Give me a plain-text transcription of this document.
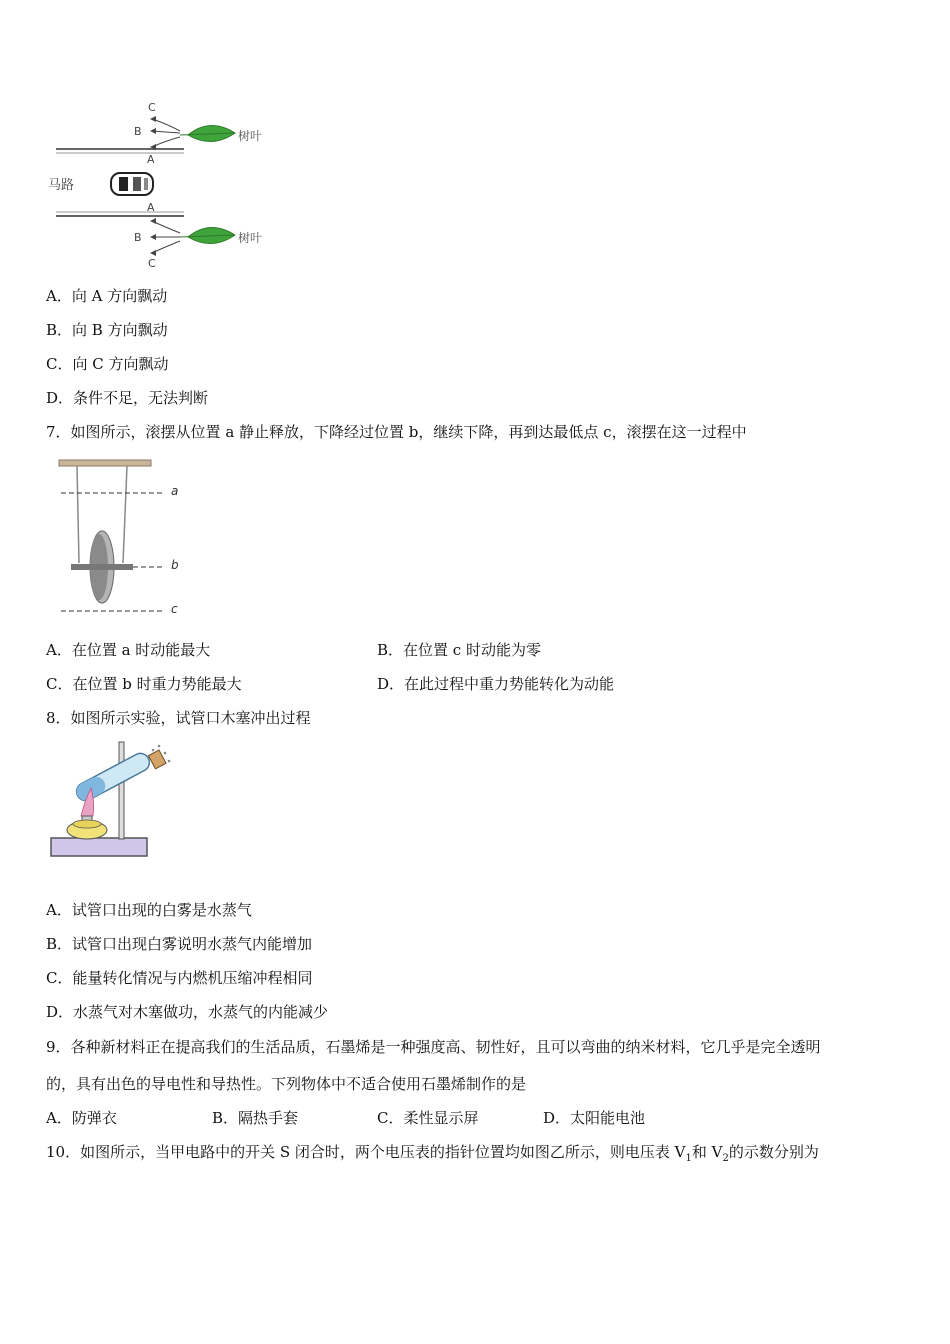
马路
树叶
C
B
A
树叶
A
B
C
A．向 A 方向飘动
B．向 B 方向飘动
C．向 C 方向飘动
D．条件不足，无法判断
7．如图所示，滚摆从位置 a 静止释放，下降经过位置 b，继续下降，再到达最低点 c，滚摆在这一过程中
a
b
c
A．在位置 a 时动能最大	B．在位置 c 时动能为零
C．在位置 b 时重力势能最大	D．在此过程中重力势能转化为动能
8．如图所示实验，试管口木塞冲出过程
A．试管口出现的白雾是水蒸气
B．试管口出现白雾说明水蒸气内能增加
C．能量转化情况与内燃机压缩冲程相同
D．水蒸气对木塞做功，水蒸气的内能减少
9．各种新材料正在提高我们的生活品质，石墨烯是一种强度高、韧性好，且可以弯曲的纳米材料，它几乎是完全透明
的，具有出色的导电性和导热性。下列物体中不适合使用石墨烯制作的是
A．防弹衣	B．隔热手套	C．柔性显示屏	D．太阳能电池
10．如图所示，当甲电路中的开关 S 闭合时，两个电压表的指针位置均如图乙所示，则电压表 $V_1$和 $V_2$的示数分别为
